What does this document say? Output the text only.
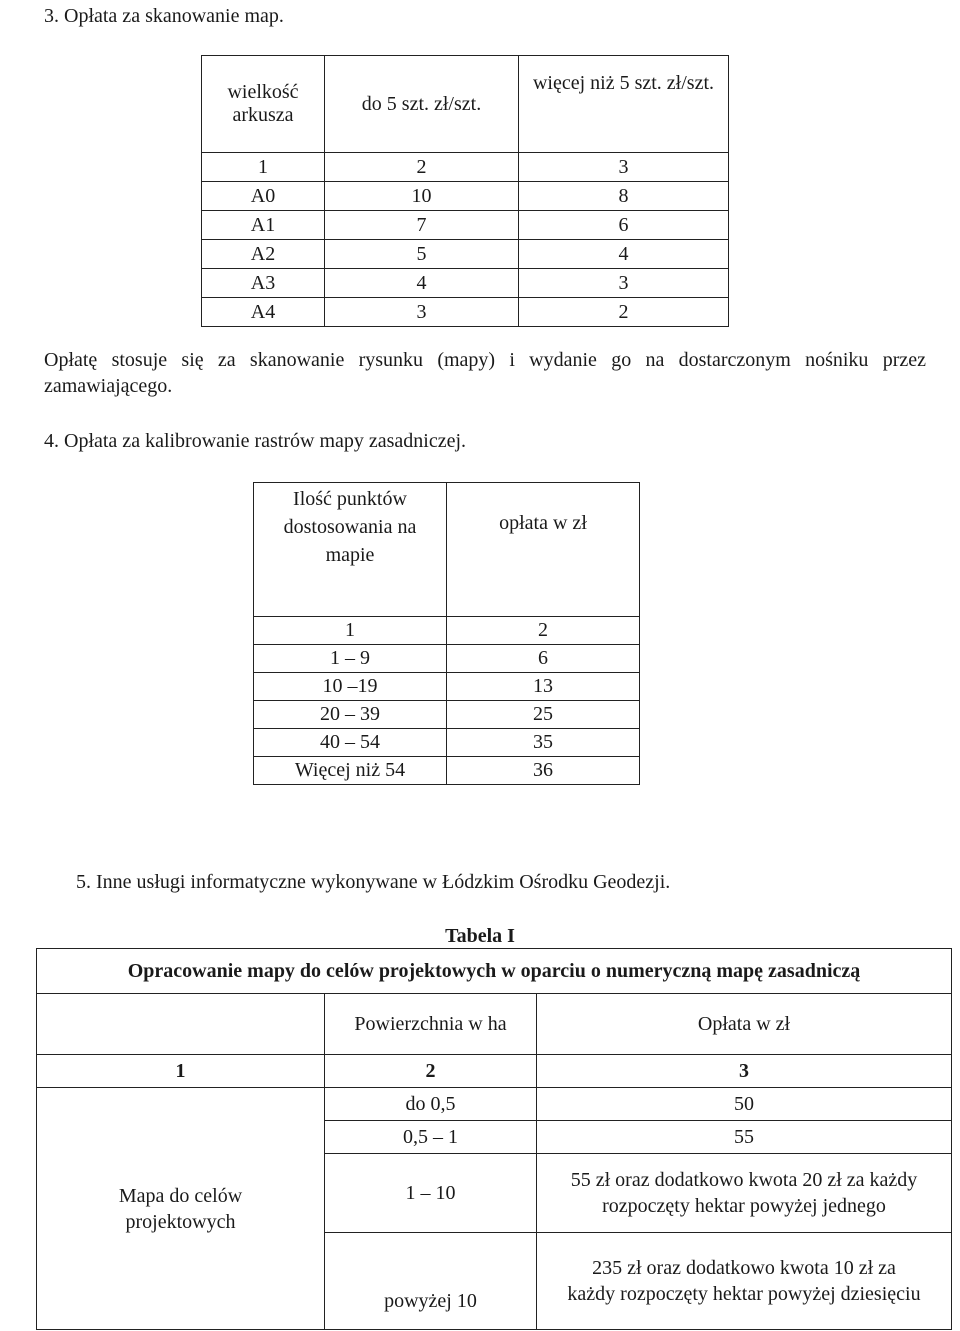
3. Opłata za skanowanie map.
wielkość arkusza	do 5 szt. zł/szt.	więcej niż 5 szt. zł/szt.
1	2	3
A0	10	8
A1	7	6
A2	5	4
A3	4	3
A4	3	2
Opłatę stosuje się za skanowanie rysunku (mapy) i wydanie go na dostarczonym nośniku przez zamawiającego.
4. Opłata za kalibrowanie rastrów mapy zasadniczej.
Ilość punktów dostosowania na mapie	opłata w zł
1	2
1 – 9	6
10 –19	13
20 – 39	25
40 – 54	35
Więcej niż 54	36
5. Inne usługi informatyczne wykonywane w Łódzkim Ośrodku Geodezji.
Tabela I
Opracowanie mapy do celów projektowych w oparciu o numeryczną mapę zasadniczą		
	Powierzchnia w ha	Opłata w zł
1	2	3
Mapa do celów projektowych	do 0,5	50
	0,5 – 1	55
	1 – 10	55 zł oraz dodatkowo kwota 20 zł za każdy rozpoczęty hektar powyżej jednego
	powyżej 10	235 zł oraz dodatkowo kwota 10 zł za każdy rozpoczęty hektar powyżej dziesięciu
